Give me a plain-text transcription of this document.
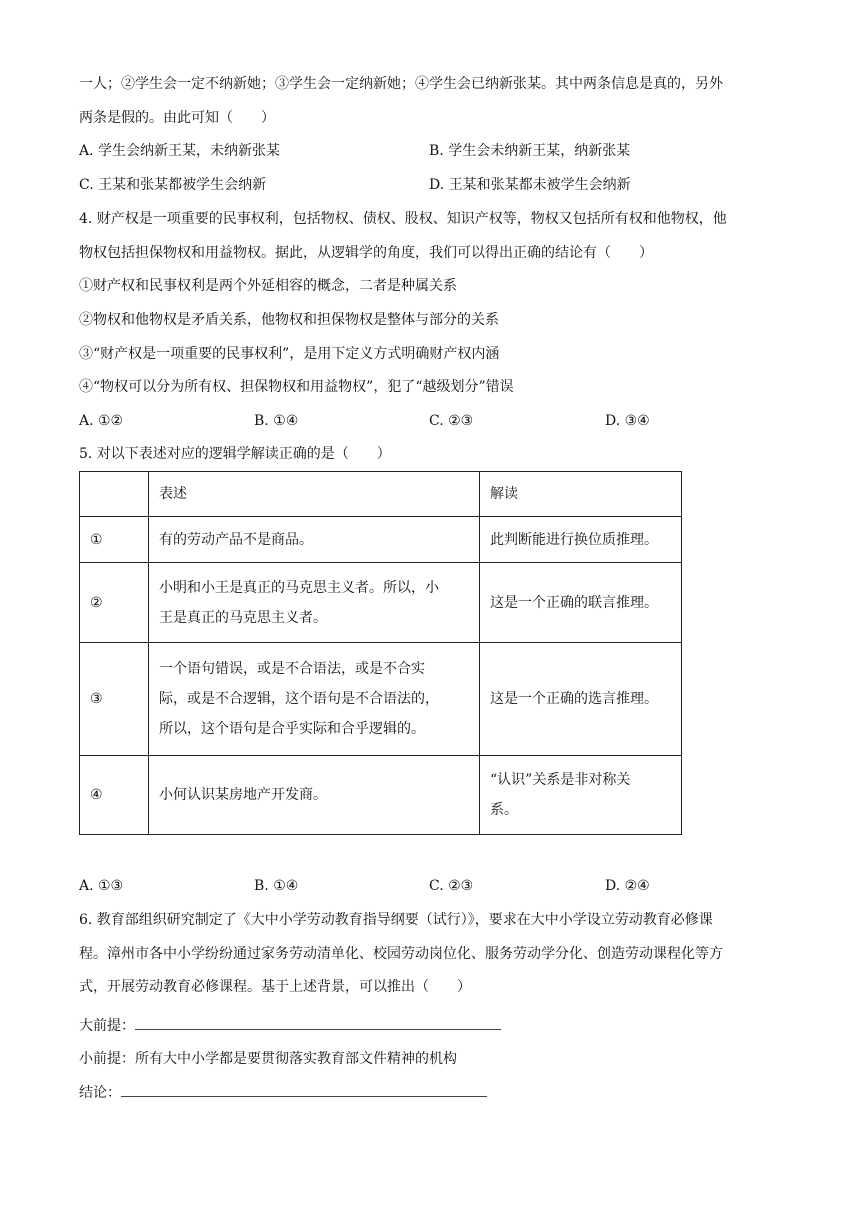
一人；②学生会一定不纳新她；③学生会一定纳新她；④学生会已纳新张某。其中两条信息是真的，另外
两条是假的。由此可知（　　）
A. 学生会纳新王某，未纳新张某	B. 学生会未纳新王某，纳新张某
C. 王某和张某都被学生会纳新	D. 王某和张某都未被学生会纳新
4. 财产权是一项重要的民事权利，包括物权、债权、股权、知识产权等，物权又包括所有权和他物权，他
物权包括担保物权和用益物权。据此，从逻辑学的角度，我们可以得出正确的结论有（　　）
①财产权和民事权利是两个外延相容的概念，二者是种属关系
②物权和他物权是矛盾关系，他物权和担保物权是整体与部分的关系
③“财产权是一项重要的民事权利”，是用下定义方式明确财产权内涵
④“物权可以分为所有权、担保物权和用益物权”，犯了“越级划分”错误
A. ①②	B. ①④	C. ②③	D. ③④
5. 对以下表述对应的逻辑学解读正确的是（　　）
	表述	解读
①	有的劳动产品不是商品。	此判断能进行换位质推理。

②	小明和小王是真正的马克思主义者。所以，小
王是真正的马克思主义者。	这是一个正确的联言推理。

③	一个语句错误，或是不合语法，或是不合实
际，或是不合逻辑，这个语句是不合语法的，
所以，这个语句是合乎实际和合乎逻辑的。	这是一个正确的选言推理。

④	小何认识某房地产开发商。	“认识”关系是非对称关
系。
A. ①③	B. ①④	C. ②③	D. ②④
6. 教育部组织研究制定了《大中小学劳动教育指导纲要（试行）》，要求在大中小学设立劳动教育必修课
程。漳州市各中小学纷纷通过家务劳动清单化、校园劳动岗位化、服务劳动学分化、创造劳动课程化等方
式，开展劳动教育必修课程。基于上述背景，可以推出（　　）
大前提：
小前提：所有大中小学都是要贯彻落实教育部文件精神的机构
结论：
